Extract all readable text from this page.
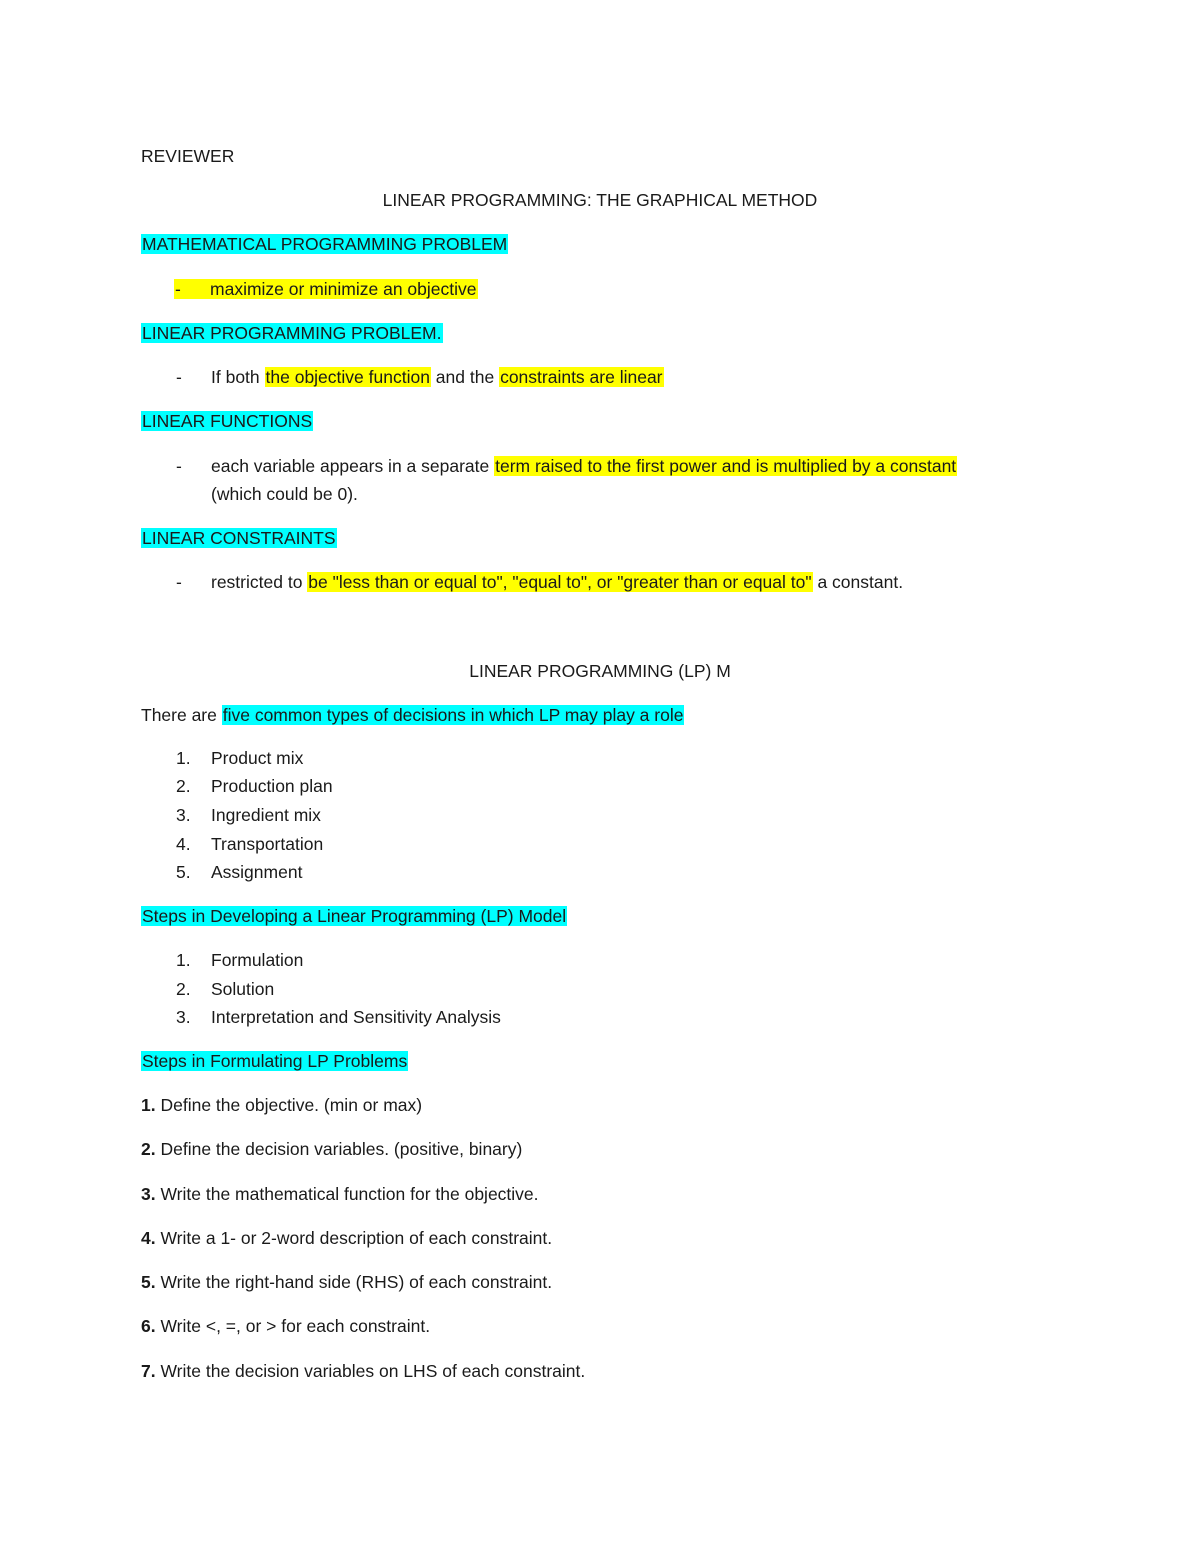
REVIEWER
LINEAR PROGRAMMING: THE GRAPHICAL METHOD
MATHEMATICAL PROGRAMMING PROBLEM
- maximize or minimize an objective
LINEAR PROGRAMMING PROBLEM.
- If both the objective function and the constraints are linear
LINEAR FUNCTIONS
- each variable appears in a separate term raised to the first power and is multiplied by a constant
(which could be 0).
LINEAR CONSTRAINTS
- restricted to be "less than or equal to", "equal to", or "greater than or equal to" a constant.
LINEAR PROGRAMMING (LP) M
There are five common types of decisions in which LP may play a role
1. Product mix
2. Production plan
3. Ingredient mix
4. Transportation
5. Assignment
Steps in Developing a Linear Programming (LP) Model
1. Formulation
2. Solution
3. Interpretation and Sensitivity Analysis
Steps in Formulating LP Problems
1. Define the objective. (min or max)
2. Define the decision variables. (positive, binary)
3. Write the mathematical function for the objective.
4. Write a 1- or 2-word description of each constraint.
5. Write the right-hand side (RHS) of each constraint.
6. Write <, =, or > for each constraint.
7. Write the decision variables on LHS of each constraint.
